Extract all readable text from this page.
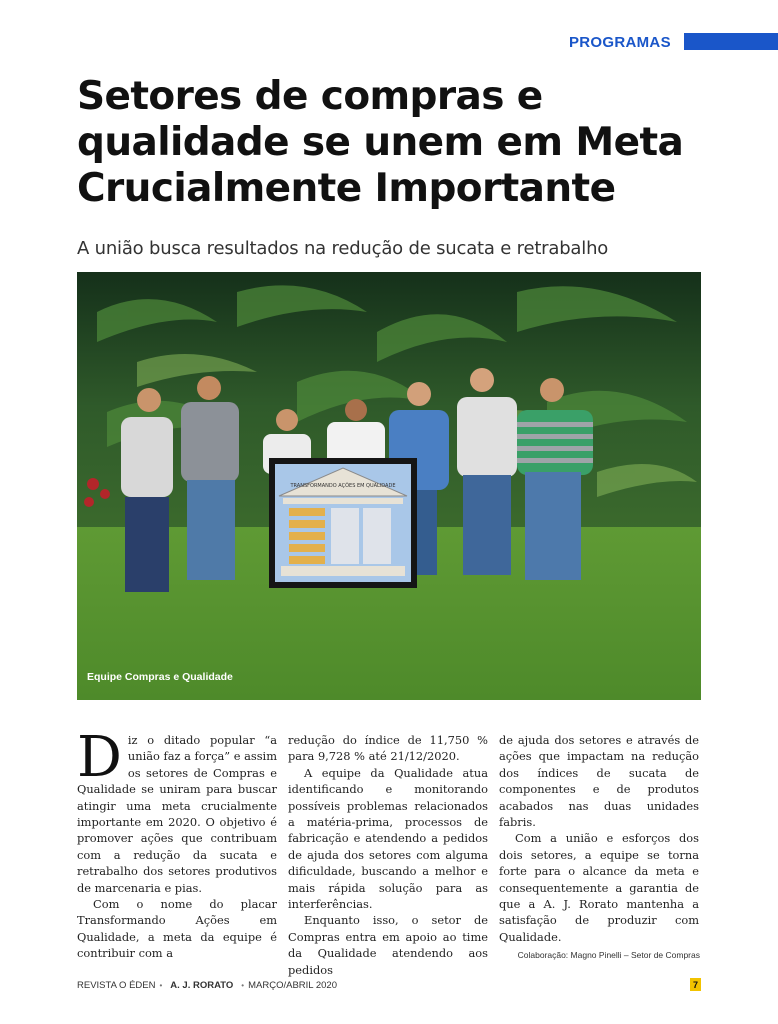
PROGRAMAS
Setores de compras e qualidade se unem em Meta Crucialmente Importante
A união busca resultados na redução de sucata e retrabalho
TRANSFORMANDO AÇÕES EM QUALIDADE
Equipe Compras e Qualidade

Diz o ditado popular “a união faz a força” e assim os setores de Compras e Qualidade se uniram para buscar atingir uma meta crucialmente importante em 2020. O objetivo é promover ações que contribuam com a redução da sucata e retrabalho dos setores produtivos de marcenaria e pias.

Com o nome do placar Transformando Ações em Qualidade, a meta da equipe é contribuir com a

redução do índice de 11,750 % para 9,728 % até 21/12/2020.

A equipe da Qualidade atua identificando e monitorando possíveis problemas relacionados a matéria-prima, processos de fabricação e atendendo a pedidos de ajuda dos setores com alguma dificuldade, buscando a melhor e mais rápida solução para as interferências.

Enquanto isso, o setor de Compras entra em apoio ao time da Qualidade atendendo aos pedidos

de ajuda dos setores e através de ações que impactam na redução dos índices de sucata de componentes e de produtos acabados nas duas unidades fabris.

Com a união e esforços dos dois setores, a equipe se torna forte para o alcance da meta e consequentemente a garantia de que a A. J. Rorato mantenha a satisfação de produzir com Qualidade.

Colaboração: Magno Pinelli – Setor de Compras
REVISTA O ÉDEN • A. J. RORATO • MARÇO/ABRIL 2020	7
